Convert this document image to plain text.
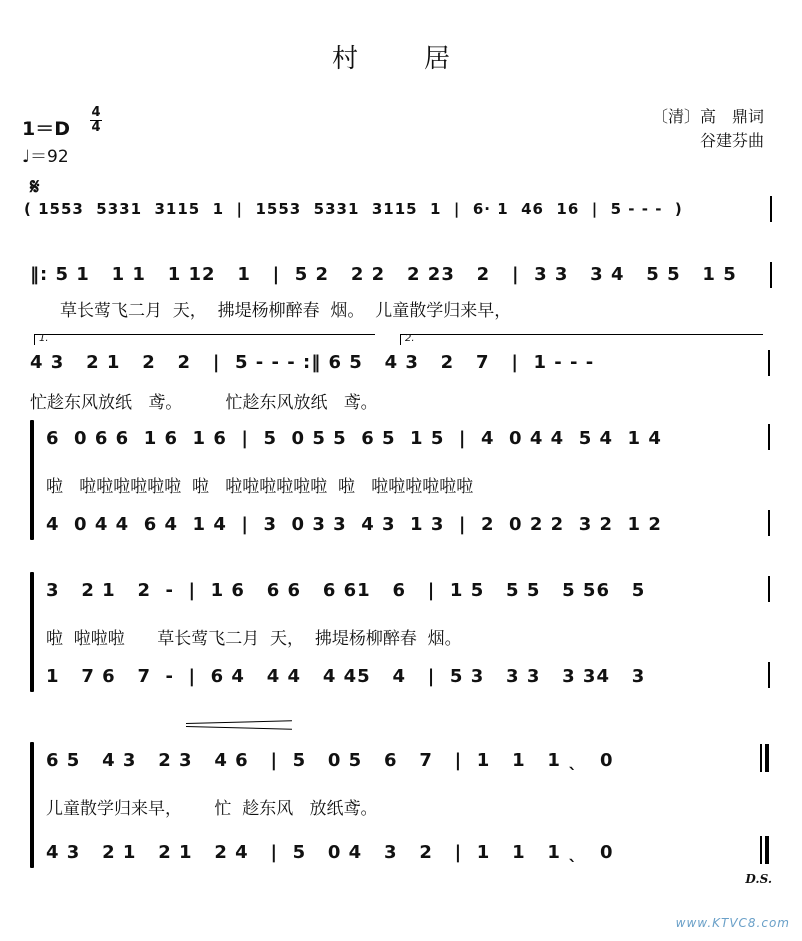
村　居
1＝D
4
4
♩＝92
〔清〕高　鼎词
谷建芬曲
𝄋
( 1553  5331  3115  1  |  1553  5331  3115  1  |  6· 1  46  16  |  5 - - -  )
‖: 5 1   1 1   1 12   1   |  5 2   2 2   2 23   2   |  3 3   3 4   5 5   1 5
草长莺飞二月  天，  拂堤杨柳醉春  烟。  儿童散学归来早，
1.	2.
4 3   2 1   2   2   |  5 - - - :‖ 6 5   4 3   2   7   |  1 - - -
忙趁东风放纸   鸢。        忙趁东风放纸   鸢。
6  0 6 6  1 6  1 6  |  5  0 5 5  6 5  1 5  |  4  0 4 4  5 4  1 4
啦   啦啦啦啦啦啦  啦   啦啦啦啦啦啦  啦   啦啦啦啦啦啦
4  0 4 4  6 4  1 4  |  3  0 3 3  4 3  1 3  |  2  0 2 2  3 2  1 2
3   2 1   2  -  |  1 6   6 6   6 61   6   |  1 5   5 5   5 56   5
啦  啦啦啦      草长莺飞二月  天，  拂堤杨柳醉春  烟。
1   7 6   7  -  |  6 4   4 4   4 45   4   |  5 3   3 3   3 34   3
6 5   4 3   2 3   4 6   |  5   0 5   6   7   |  1   1   1 ˎ   0
儿童散学归来早，      忙  趁东风   放纸鸢。
4 3   2 1   2 1   2 4   |  5   0 4   3   2   |  1   1   1 ˎ   0
D.S.
www.KTVC8.com
